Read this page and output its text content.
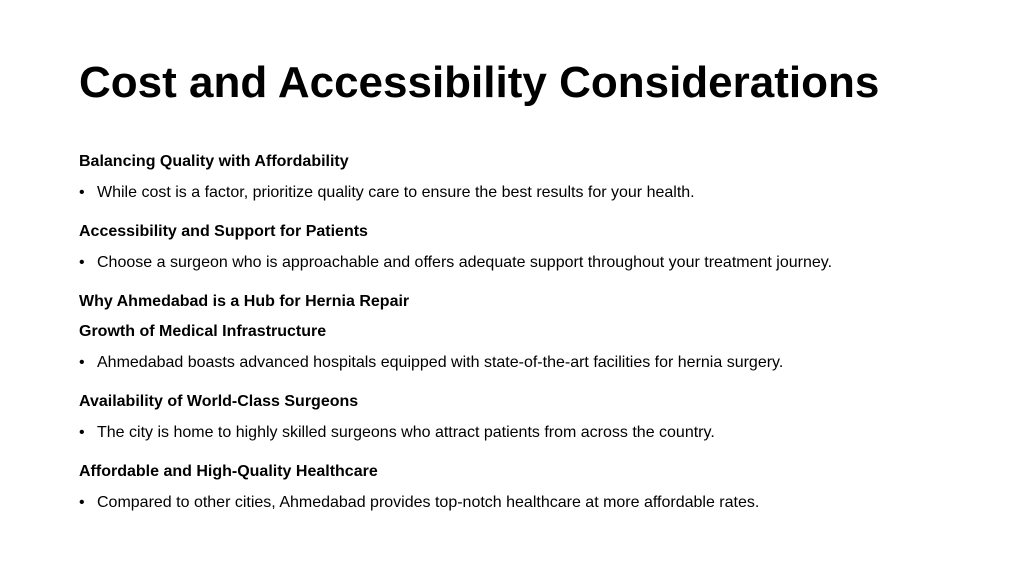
Cost and Accessibility Considerations
Balancing Quality with Affordability
• While cost is a factor, prioritize quality care to ensure the best results for your health.
Accessibility and Support for Patients
• Choose a surgeon who is approachable and offers adequate support throughout your treatment journey.
Why Ahmedabad is a Hub for Hernia Repair
Growth of Medical Infrastructure
• Ahmedabad boasts advanced hospitals equipped with state-of-the-art facilities for hernia surgery.
Availability of World-Class Surgeons
• The city is home to highly skilled surgeons who attract patients from across the country.
Affordable and High-Quality Healthcare
• Compared to other cities, Ahmedabad provides top-notch healthcare at more affordable rates.
